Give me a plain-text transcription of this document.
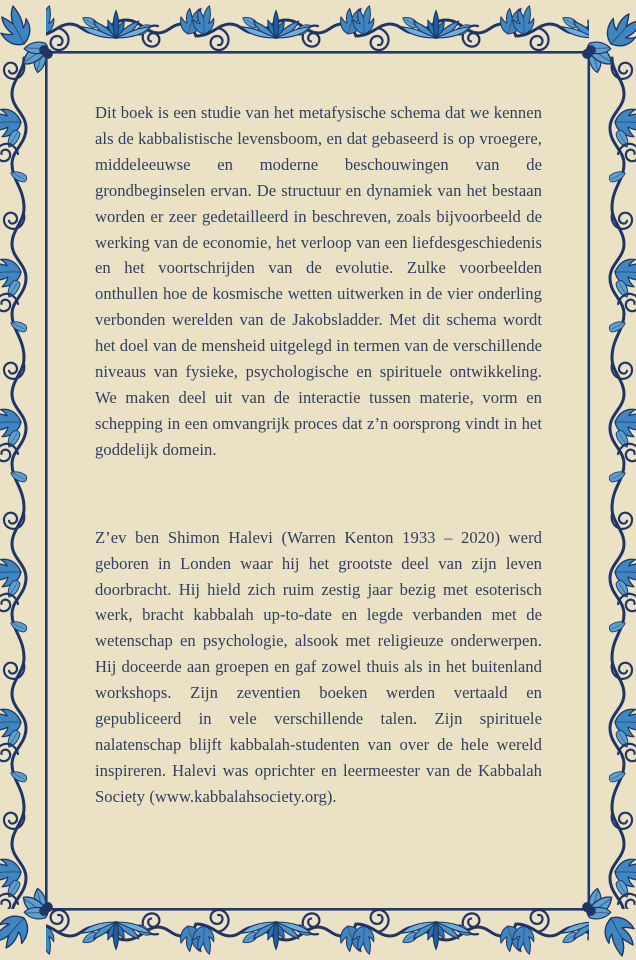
Dit boek is een studie van het metafysische schema dat we kennen als de kabbalistische levensboom, en dat gebaseerd is op vroegere, middeleeuwse en moderne beschouwingen van de grondbeginselen ervan. De structuur en dynamiek van het bestaan worden er zeer gedetailleerd in beschreven, zoals bijvoorbeeld de werking van de economie, het verloop van een liefdesgeschiedenis en het voortschrijden van de evolutie. Zulke voorbeelden onthullen hoe de kosmische wetten uitwerken in de vier onderling verbonden werelden van de Jakobsladder. Met dit schema wordt het doel van de mensheid uitgelegd in termen van de verschillende niveaus van fysieke, psychologische en spirituele ontwikkeling. We maken deel uit van de interactie tussen materie, vorm en schepping in een omvangrijk proces dat z’n oorsprong vindt in het goddelijk domein.

Z’ev ben Shimon Halevi (Warren Kenton 1933 – 2020) werd geboren in Londen waar hij het grootste deel van zijn leven doorbracht. Hij hield zich ruim zestig jaar bezig met esoterisch werk, bracht kabbalah up-to-date en legde verbanden met de wetenschap en psychologie, alsook met religieuze onderwerpen. Hij doceerde aan groepen en gaf zowel thuis als in het buitenland workshops. Zijn zeventien boeken werden vertaald en gepubliceerd in vele verschillende talen. Zijn spirituele nalatenschap blijft kabbalah-studenten van over de hele wereld inspireren. Halevi was oprichter en leermeester van de Kabbalah Society (www.kabbalahsociety.org).
